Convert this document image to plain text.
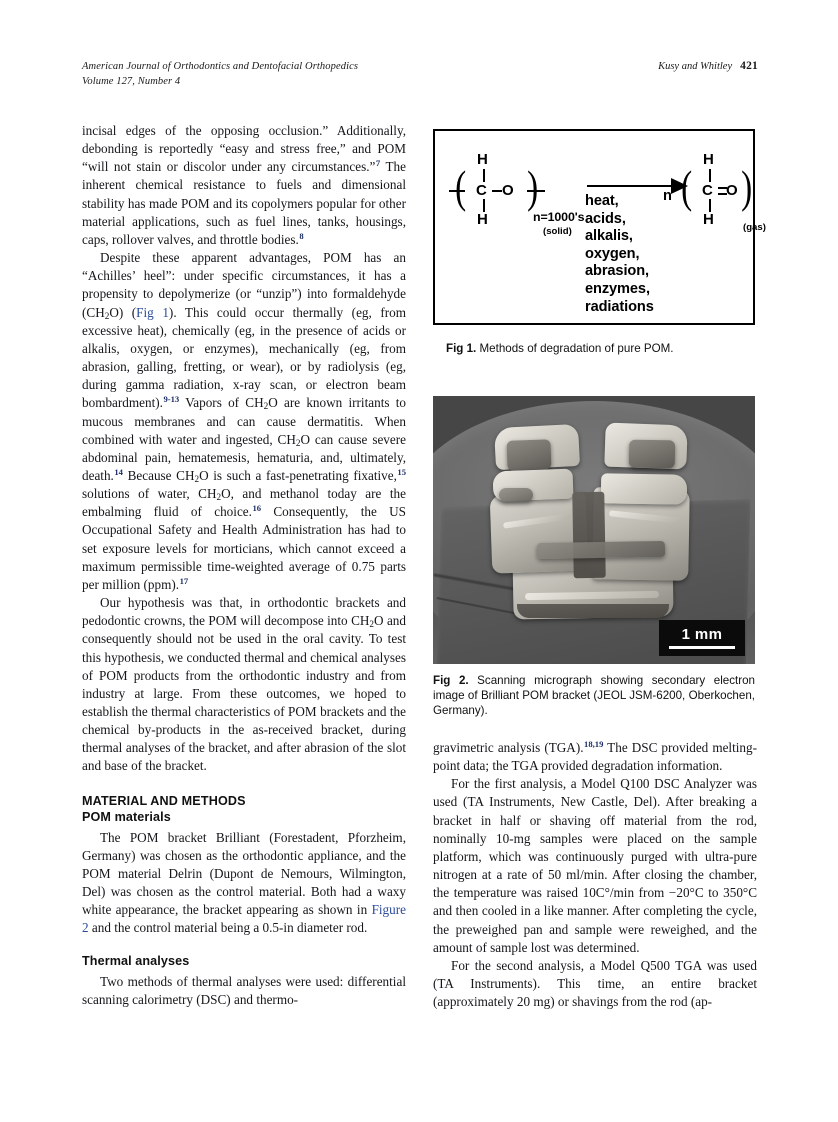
American Journal of Orthodontics and Dentofacial Orthopedics
Volume 127, Number 4
Kusy and Whitley 421

incisal edges of the opposing occlusion.” Additionally, debonding is reportedly “easy and stress free,” and POM “will not stain or discolor under any circumstances.”$^7$ The inherent chemical resistance to fuels and dimensional stability has made POM and its copolymers popular for other material applications, such as fuel lines, tanks, housings, caps, rollover valves, and throttle bodies.$^8$

Despite these apparent advantages, POM has an “Achilles’ heel”: under specific circumstances, it has a propensity to depolymerize (or “unzip”) into formaldehyde $(CH_2O)$ (Fig 1). This could occur thermally (eg, from excessive heat), chemically (eg, in the presence of acids or alkalis, oxygen, or enzymes), mechanically (eg, from abrasion, galling, fretting, or wear), or by radiolysis (eg, during gamma radiation, x-ray scan, or electron beam bombardment).$^{9-13}$ Vapors of $CH_2O$ are known irritants to mucous membranes and can cause dermatitis. When combined with water and ingested, $CH_2O$ can cause severe abdominal pain, hematemesis, hematuria, and, ultimately, death.$^{14}$ Because $CH_2O$ is such a fast-penetrating fixative,$^{15}$ solutions of water, $CH_2O$, and methanol today are the embalming fluid of choice.$^{16}$ Consequently, the US Occupational Safety and Health Administration has had to set exposure levels for morticians, which cannot exceed a maximum permissible time-weighted average of 0.75 parts per million (ppm).$^{17}$

Our hypothesis was that, in orthodontic brackets and pedodontic crowns, the POM will decompose into $CH_2O$ and consequently should not be used in the oral cavity. To test this hypothesis, we conducted thermal and chemical analyses of POM products from the orthodontic industry and from industry at large. From these outcomes, we hoped to establish the thermal characteristics of POM brackets and the chemical by-products in the as-received bracket, during thermal analyses of the bracket, and after abrasion of the slot and base of the bracket.

MATERIAL AND METHODS
POM materials

The POM bracket Brilliant (Forestadent, Pforzheim, Germany) was chosen as the orthodontic appliance, and the POM material Delrin (Dupont de Nemours, Wilmington, Del) was chosen as the control material. Both had a waxy white appearance, the bracket appearing as shown in Figure 2 and the control material being a 0.5-in diameter rod.

Thermal analyses

Two methods of thermal analyses were used: differential scanning calorimetry (DSC) and thermo-

( )
H
C O
H	n=1000's
(solid)
heat,
acids,
alkalis,
oxygen,
abrasion,
enzymes,
radiations
n ( )
H
C O
H	(gas)
Fig 1. Methods of degradation of pure POM.
1 mm
Fig 2. Scanning micrograph showing secondary electron image of Brilliant POM bracket (JEOL JSM-6200, Oberkochen, Germany).

gravimetric analysis (TGA).$^{18,19}$ The DSC provided melting-point data; the TGA provided degradation information.

For the first analysis, a Model Q100 DSC Analyzer was used (TA Instruments, New Castle, Del). After breaking a bracket in half or shaving off material from the rod, nominally 10-mg samples were placed on the sample platform, which was continuously purged with ultra-pure nitrogen at a rate of 50 ml/min. After closing the chamber, the temperature was raised 10C°/min from −20°C to 350°C and then cooled in a like manner. After completing the cycle, the preweighed pan and sample were reweighed, and the amount of sample lost was determined.

For the second analysis, a Model Q500 TGA was used (TA Instruments). This time, an entire bracket (approximately 20 mg) or shavings from the rod (ap-
